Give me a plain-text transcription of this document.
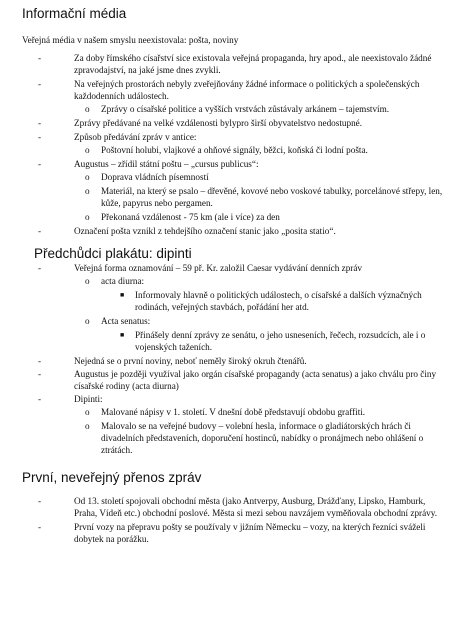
Informační média

Veřejná média v našem smyslu neexistovala: pošta, noviny

-	Za doby římského císařství sice existovala veřejná propaganda, hry apod., ale neexistovalo žádné zpravodajství, na jaké jsme dnes zvykli.
-	Na veřejných prostorách nebyly zveřejňovány žádné informace o politických a společenských každodenních událostech.
o Zprávy o císařské politice a vyšších vrstvách zůstávaly arkánem – tajemstvím.
-	Zprávy předávané na velké vzdálenosti bylypro širší obyvatelstvo nedostupné.
-	Způsob předávání zpráv v antice:
o Poštovní holubi, vlajkové a ohňové signály, běžci, koňská či lodní pošta.
-	Augustus – zřídil státní poštu – „cursus publicus“:
o Doprava vládních písemností
o Materiál, na který se psalo – dřevěné, kovové nebo voskové tabulky, porcelánové střepy, len, kůže, papyrus nebo pergamen.
o Překonaná vzdálenost - 75 km (ale i více) za den
-	Označení pošta vznikl z tehdejšího označení stanic jako „posita statio“.
Předchůdci plakátu: dipinti
-	Veřejná forma oznamování – 59 př. Kr. založil Caesar vydávání denních zpráv
o acta diurna:
■ Informovaly hlavně o politických událostech, o císařské a dalších význačných rodinách, veřejných stavbách, pořádání her atd.
o Acta senatus:
■ Přinášely denní zprávy ze senátu, o jeho usneseních, řečech, rozsudcích, ale i o vojenských taženích.
-	Nejedná se o první noviny, neboť neměly široký okruh čtenářů.
-	Augustus je později využíval jako orgán císařské propagandy (acta senatus) a jako chválu pro činy císařské rodiny (acta diurna)
-	Dipinti:
o Malované nápisy v 1. století. V dnešní době představují obdobu graffiti.
o Malovalo se na veřejné budovy – volební hesla, informace o gladiátorských hrách či divadelních představeních, doporučení hostinců, nabídky o pronájmech nebo ohlášení o ztrátách.
První, neveřejný přenos zpráv
-	Od 13. století spojovali obchodní města (jako Antverpy, Ausburg, Drážďany, Lipsko, Hamburk, Praha, Vídeň etc.) obchodní poslové. Města si mezi sebou navzájem vyměňovala obchodní zprávy.
-	První vozy na přepravu pošty se používaly v jižním Německu – vozy, na kterých řezníci sváželi dobytek na porážku.
